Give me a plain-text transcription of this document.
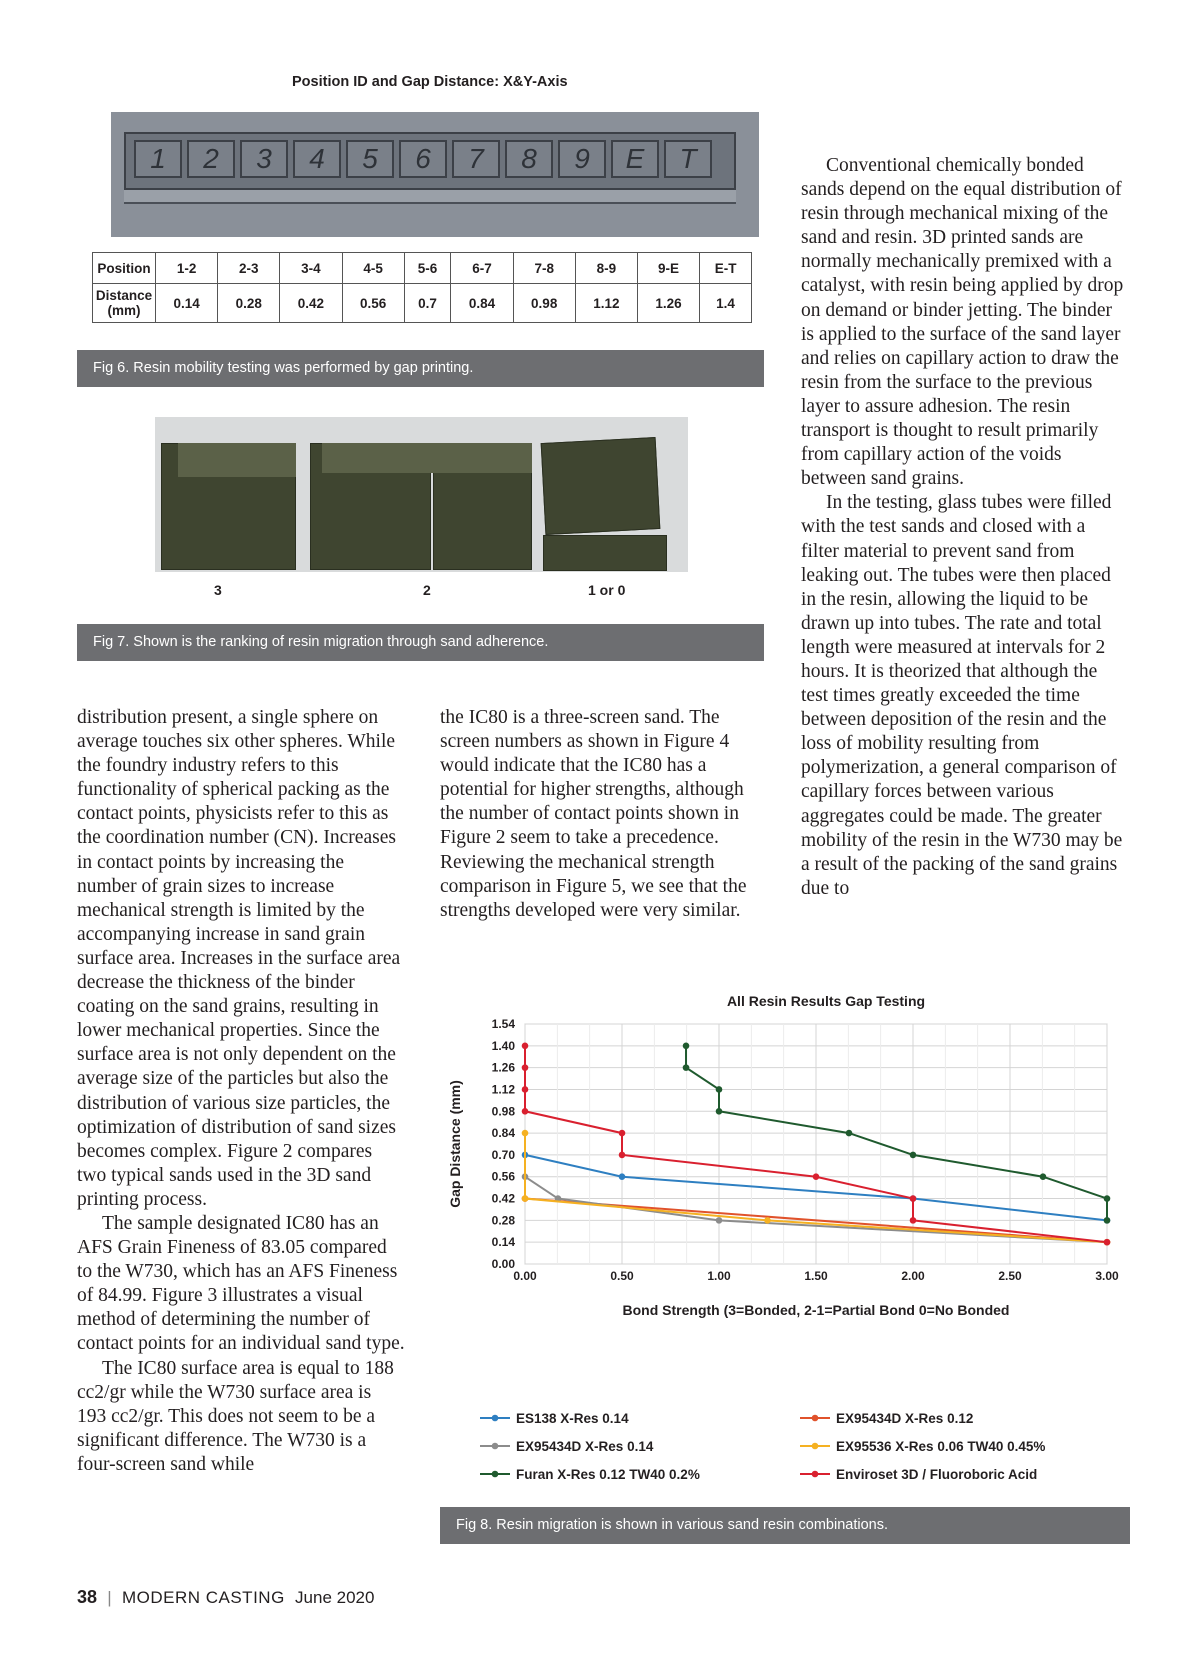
Position ID and Gap Distance: X&Y-Axis
1	2	3	4	5	6	7	8	9	E	T
Position	1-2	2-3	3-4	4-5	5-6	6-7	7-8	8-9	9-E	E-T
Distance (mm)	0.14	0.28	0.42	0.56	0.7	0.84	0.98	1.12	1.26	1.4
Fig 6. Resin mobility testing was performed by gap printing.
3	2	1 or 0
Fig 7. Shown is the ranking of resin migration through sand adherence.

distribution present, a single sphere on average touches six other spheres. While the foundry industry refers to this functionality of spherical packing as the contact points, physicists refer to this as the coordination number (CN). Increases in contact points by increasing the number of grain sizes to increase mechanical strength is limited by the accompanying increase in sand grain surface area. Increases in the surface area decrease the thickness of the binder coating on the sand grains, resulting in lower mechanical properties. Since the surface area is not only dependent on the average size of the particles but also the distribution of various size particles, the optimization of distribution of sand sizes becomes complex. Figure 2 compares two typical sands used in the 3D sand printing process.

The sample designated IC80 has an AFS Grain Fineness of 83.05 compared to the W730, which has an AFS Fineness of 84.99. Figure 3 illustrates a visual method of determining the number of contact points for an individual sand type.

The IC80 surface area is equal to 188 cc2/gr while the W730 surface area is 193 cc2/gr. This does not seem to be a significant difference. The W730 is a four-screen sand while

the IC80 is a three-screen sand. The screen numbers as shown in Figure 4 would indicate that the IC80 has a potential for higher strengths, although the number of contact points shown in Figure 2 seem to take a precedence. Reviewing the mechanical strength comparison in Figure 5, we see that the strengths developed were very similar.

Conventional chemically bonded sands depend on the equal distribution of resin through mechanical mixing of the sand and resin. 3D printed sands are normally mechanically premixed with a catalyst, with resin being applied by drop on demand or binder jetting. The binder is applied to the surface of the sand layer and relies on capillary action to draw the resin from the surface to the previous layer to assure adhesion. The resin transport is thought to result primarily from capillary action of the voids between sand grains.

In the testing, glass tubes were filled with the test sands and closed with a filter material to prevent sand from leaking out. The tubes were then placed in the resin, allowing the liquid to be drawn up into tubes. The rate and total length were measured at intervals for 2 hours. It is theorized that although the test times greatly exceeded the time between deposition of the resin and the loss of mobility resulting from polymerization, a general comparison of capillary forces between various aggregates could be made. The greater mobility of the resin in the W730 may be a result of the packing of the sand grains due to

0.00
0.14
0.28
0.42
0.56
0.70
0.84
0.98
1.12
1.26
1.40
1.54
0.00	0.50	1.00	1.50	2.00	2.50	3.00
All Resin Results Gap Testing
Bond Strength (3=Bonded, 2-1=Partial Bond 0=No Bonded
Gap Distance (mm)
ES138 X-Res 0.14
EX95434D X-Res 0.14
Furan X-Res 0.12 TW40 0.2%
EX95434D X-Res 0.12
EX95536 X-Res 0.06 TW40 0.45%
Enviroset 3D / Fluoroboric Acid
Fig 8. Resin migration is shown in various sand resin combinations.
38 | MODERN CASTING June 2020
